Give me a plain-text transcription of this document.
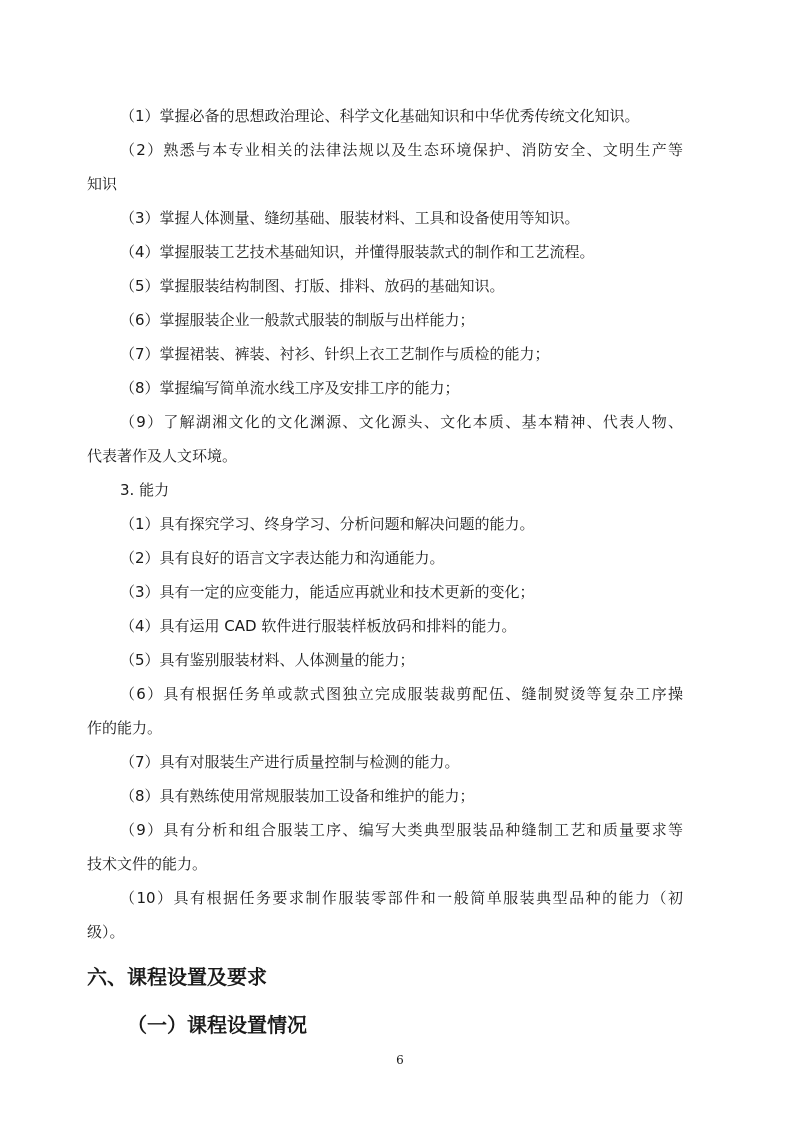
（1）掌握必备的思想政治理论、科学文化基础知识和中华优秀传统文化知识。
（2）熟悉与本专业相关的法律法规以及生态环境保护、消防安全、文明生产等
知识
（3）掌握人体测量、缝纫基础、服装材料、工具和设备使用等知识。
（4）掌握服装工艺技术基础知识，并懂得服装款式的制作和工艺流程。
（5）掌握服装结构制图、打版、排料、放码的基础知识。
（6）掌握服装企业一般款式服装的制版与出样能力；
（7）掌握裙装、裤装、衬衫、针织上衣工艺制作与质检的能力；
（8）掌握编写简单流水线工序及安排工序的能力；
（9）了解湖湘文化的文化渊源、文化源头、文化本质、基本精神、代表人物、
代表著作及人文环境。
3. 能力
（1）具有探究学习、终身学习、分析问题和解决问题的能力。
（2）具有良好的语言文字表达能力和沟通能力。
（3）具有一定的应变能力，能适应再就业和技术更新的变化；
（4）具有运用 CAD 软件进行服装样板放码和排料的能力。
（5）具有鉴别服装材料、人体测量的能力；
（6）具有根据任务单或款式图独立完成服装裁剪配伍、缝制熨烫等复杂工序操
作的能力。
（7）具有对服装生产进行质量控制与检测的能力。
（8）具有熟练使用常规服装加工设备和维护的能力；
（9）具有分析和组合服装工序、编写大类典型服装品种缝制工艺和质量要求等
技术文件的能力。
（10）具有根据任务要求制作服装零部件和一般简单服装典型品种的能力（初
级）。
六、课程设置及要求
（一）课程设置情况
6
